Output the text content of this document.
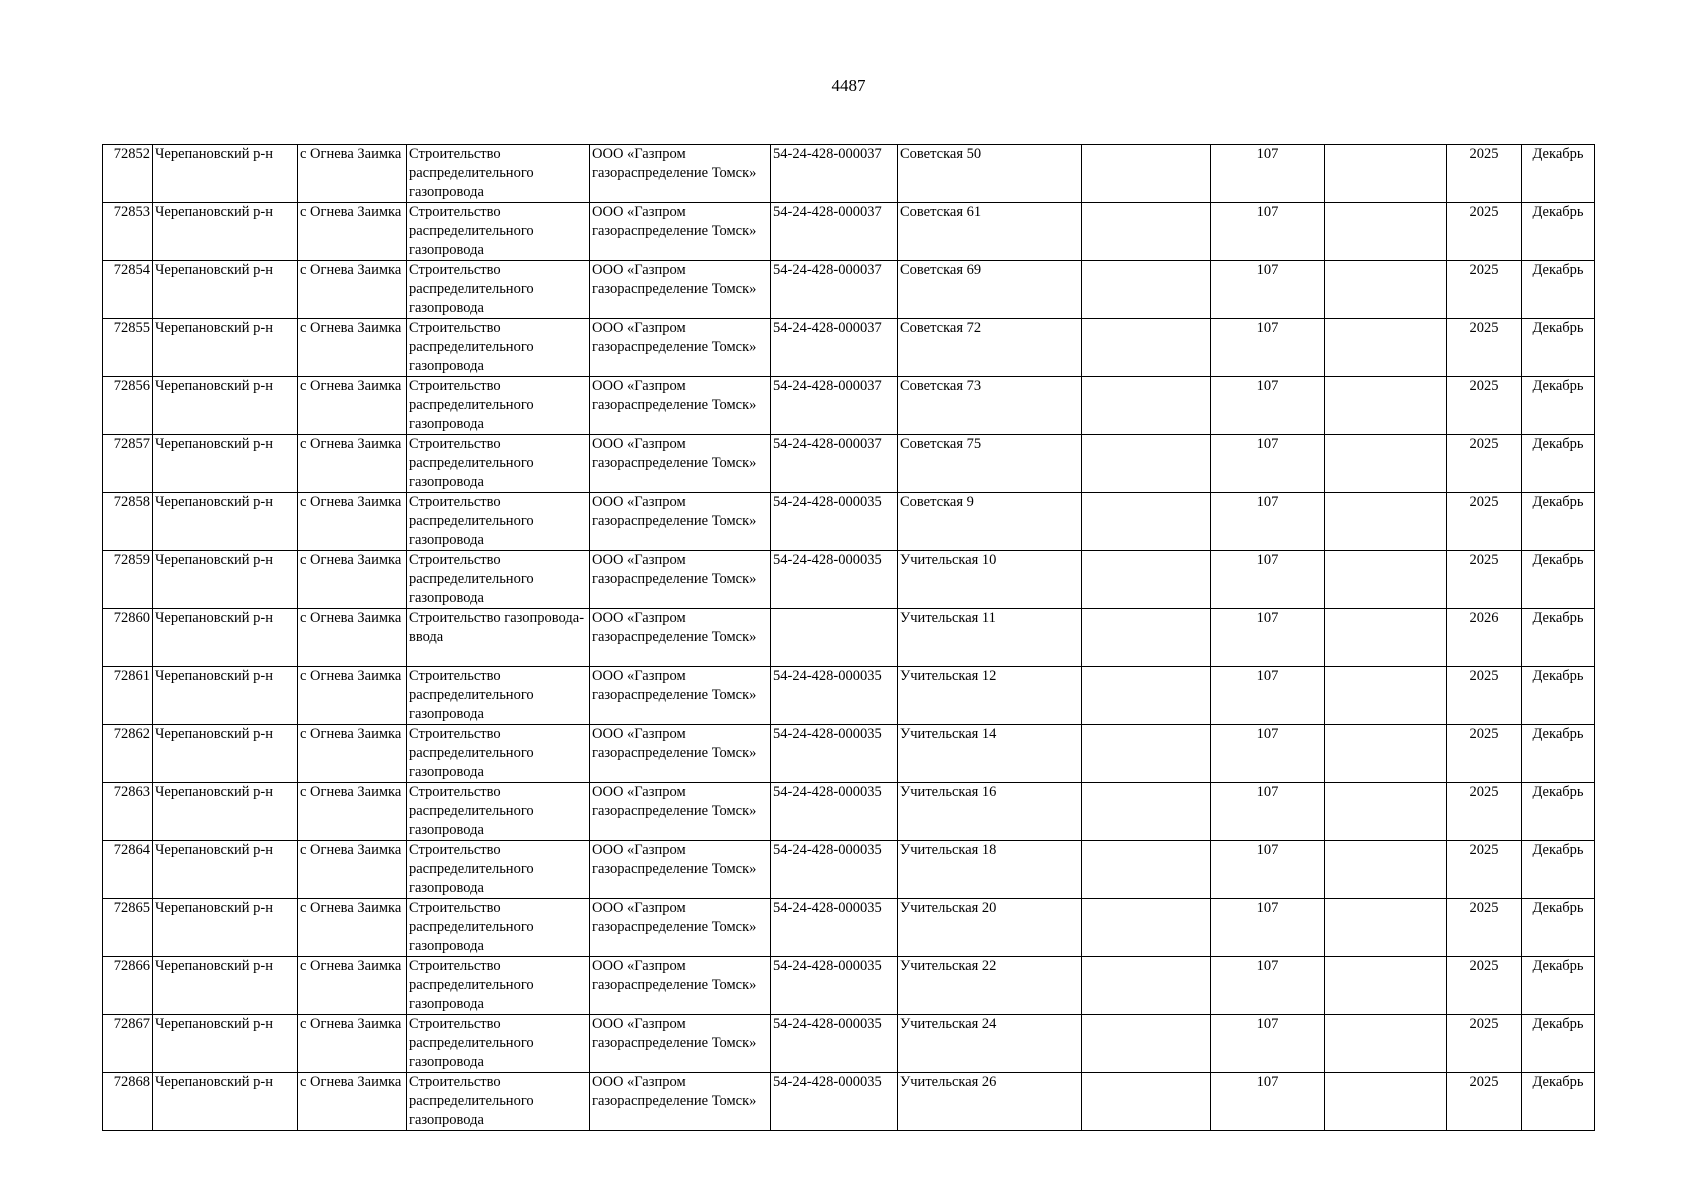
4487
72852	Черепановский р-н	с Огнева Заимка	Строительство распределительного газопровода	ООО «Газпром газораспределение Томск»	54-24-428-000037	Советская 50		107		2025	Декабрь
72853	Черепановский р-н	с Огнева Заимка	Строительство распределительного газопровода	ООО «Газпром газораспределение Томск»	54-24-428-000037	Советская 61		107		2025	Декабрь
72854	Черепановский р-н	с Огнева Заимка	Строительство распределительного газопровода	ООО «Газпром газораспределение Томск»	54-24-428-000037	Советская 69		107		2025	Декабрь
72855	Черепановский р-н	с Огнева Заимка	Строительство распределительного газопровода	ООО «Газпром газораспределение Томск»	54-24-428-000037	Советская 72		107		2025	Декабрь
72856	Черепановский р-н	с Огнева Заимка	Строительство распределительного газопровода	ООО «Газпром газораспределение Томск»	54-24-428-000037	Советская 73		107		2025	Декабрь
72857	Черепановский р-н	с Огнева Заимка	Строительство распределительного газопровода	ООО «Газпром газораспределение Томск»	54-24-428-000037	Советская 75		107		2025	Декабрь
72858	Черепановский р-н	с Огнева Заимка	Строительство распределительного газопровода	ООО «Газпром газораспределение Томск»	54-24-428-000035	Советская 9		107		2025	Декабрь
72859	Черепановский р-н	с Огнева Заимка	Строительство распределительного газопровода	ООО «Газпром газораспределение Томск»	54-24-428-000035	Учительская 10		107		2025	Декабрь
72860	Черепановский р-н	с Огнева Заимка	Строительство газопровода-ввода	ООО «Газпром газораспределение Томск»		Учительская 11		107		2026	Декабрь
72861	Черепановский р-н	с Огнева Заимка	Строительство распределительного газопровода	ООО «Газпром газораспределение Томск»	54-24-428-000035	Учительская 12		107		2025	Декабрь
72862	Черепановский р-н	с Огнева Заимка	Строительство распределительного газопровода	ООО «Газпром газораспределение Томск»	54-24-428-000035	Учительская 14		107		2025	Декабрь
72863	Черепановский р-н	с Огнева Заимка	Строительство распределительного газопровода	ООО «Газпром газораспределение Томск»	54-24-428-000035	Учительская 16		107		2025	Декабрь
72864	Черепановский р-н	с Огнева Заимка	Строительство распределительного газопровода	ООО «Газпром газораспределение Томск»	54-24-428-000035	Учительская 18		107		2025	Декабрь
72865	Черепановский р-н	с Огнева Заимка	Строительство распределительного газопровода	ООО «Газпром газораспределение Томск»	54-24-428-000035	Учительская 20		107		2025	Декабрь
72866	Черепановский р-н	с Огнева Заимка	Строительство распределительного газопровода	ООО «Газпром газораспределение Томск»	54-24-428-000035	Учительская 22		107		2025	Декабрь
72867	Черепановский р-н	с Огнева Заимка	Строительство распределительного газопровода	ООО «Газпром газораспределение Томск»	54-24-428-000035	Учительская 24		107		2025	Декабрь
72868	Черепановский р-н	с Огнева Заимка	Строительство распределительного газопровода	ООО «Газпром газораспределение Томск»	54-24-428-000035	Учительская 26		107		2025	Декабрь
